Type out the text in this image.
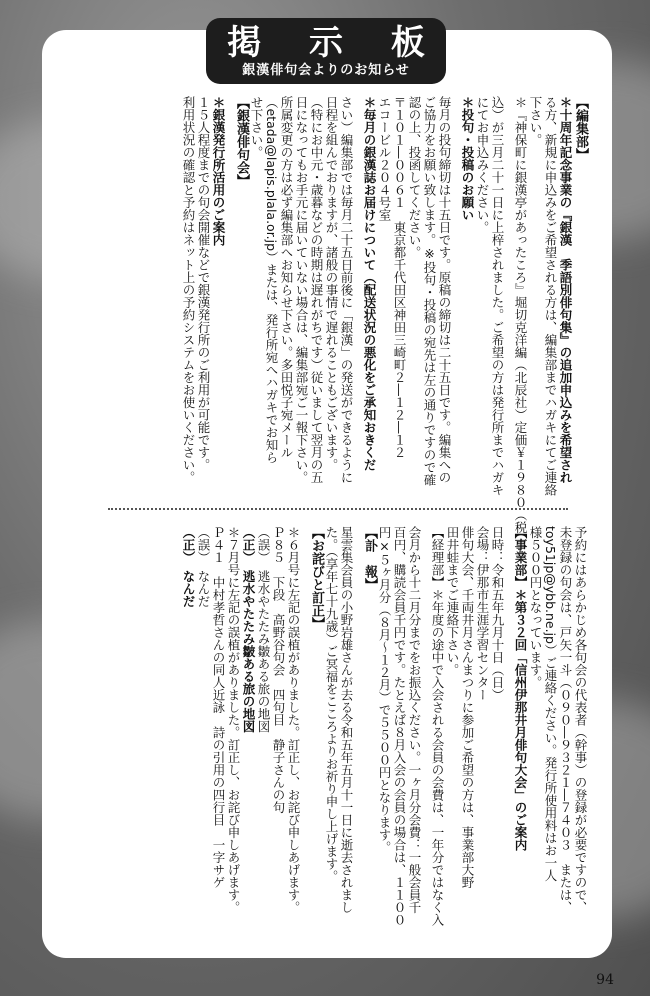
掲 示 板
銀漢俳句会よりのお知らせ
【編集部】
＊十周年記念事業の『銀漢　季語別俳句集』の追加申込みを希望され
る方、新規に申込みをご希望される方は、編集部までハガキにてご連絡
下さい。
＊『神保町に銀漢亭があったころ』堀切克洋編（北辰社）定価￥１９８０（税
込）が三月二十一日に上梓されました。ご希望の方は発行所までハガキ
にてお申込みください。
＊投句・投稿のお願い
毎月の投句締切は十五日です。原稿の締切は二十五日です。編集への
ご協力をお願い致します。※投句・投稿の宛先は左の通りですので確
認の上、投函してください。
〒１０１―００６１　東京都千代田区神田三崎町２―１２―１２
エコービル２０４号室
＊毎月の銀漢誌お届けについて（配送状況の悪化をご承知おきくだ
さい）編集部では毎月二十五日前後に「銀漢」の発送ができるように
日程を組んでおりますが、諸般の事情で遅れることもございます。
（特にお中元・歳暮などの時期は遅れがちです）従いまして翌月の五
日になってもお手元に届いていない場合は、編集部宛ご一報下さい。
所属変更の方は必ず編集部へお知らせ下さい。多田悦子宛メール
（etada@lapis.plala.or.jp）または、発行所宛へハガキでお知ら
せ下さい。
【銀漢俳句会】
＊銀漢発行所活用のご案内
１５人程度までの句会開催などで銀漢発行所のご利用が可能です。
利用状況の確認と予約はネット上の予約システムをお使いください。
予約にはあらかじめ各句会の代表者（幹事）の登録が必要ですので、
未登録の句会は、戸矢一斗（０９０―９３２１―７４０３　または、
toy51jp@ybb.ne.jp）ご連絡ください。発行所使用料はお一人
様５００円となっています。
【事業部】＊第３２回「信州伊那井月俳句大会」のご案内
日時：令和五年九月十日（日）
会場：伊那市生涯学習センター
俳句大会、千両井月さんまつりに参加ご希望の方は、事業部大野
田井蛙までご連絡下さい。
【経理部】＊年度の途中で入会される会員の会費は、一年分ではなく入
会月から十二月分までをお振込ください。一ヶ月分会費：一般会員千
百円、購読会員千円です。たとえば８月入会の会員の場合は、１１００
円×５ヶ月分（８月〜１２月）で５５００円となります。
【訃　報】
星雲集会員の小野岩雄さんが去る令和五年五月十一日に逝去されまし
た。（享年七十九歳）ご冥福をこころよりお祈り申し上げます。
【お詫びと訂正】
＊６月号に左記の誤植がありました。訂正し、お詫び申しあげます。
Ｐ８５　下段　高野谷句会　四句目　静子さんの句
（誤）　逃水やたたみ皺ある旅の地図
（正）　逃水やたたみ皺ある旅の地図
＊７月号に左記の誤植がありました。訂正し、お詫び申しあげます。
Ｐ４１　中村孝哲さんの同人近詠　詩の引用の四行目　一字サゲ
（誤）　なんだ
（正）　なんだ
94
